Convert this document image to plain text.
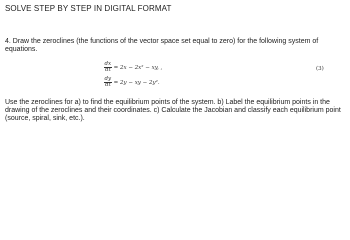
SOLVE STEP BY STEP IN DIGITAL FORMAT
4. Draw the zeroclines (the functions of the vector space set equal to zero) for the following system of equations.
$\frac{dx}{dt} = 2x - 2x^2$ − xy, ,
$\frac{dy}{dt} = 2y$ − xy − 2y².
(3)
Use the zeroclines for a) to find the equilibrium points of the system. b) Label the equilibrium points in the drawing of the zeroclines and their coordinates. c) Calculate the Jacobian and classify each equilibrium point (source, spiral, sink, etc.).
